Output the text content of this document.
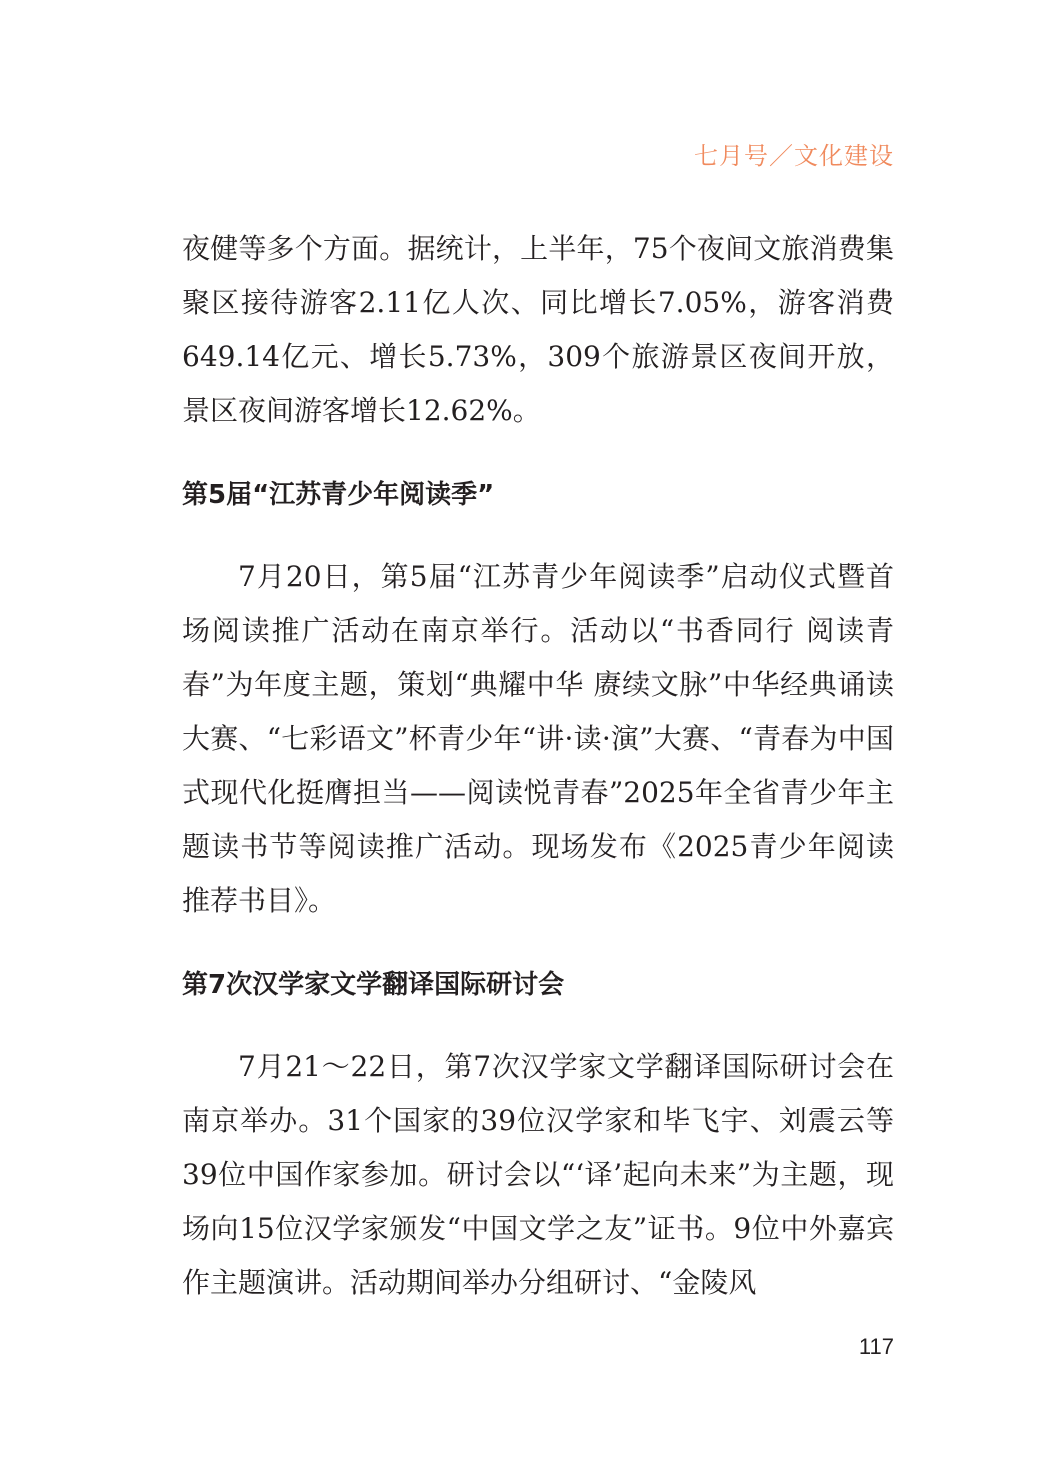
七月号／文化建设

夜健等多个方面。据统计，上半年，75个夜间文旅消费集聚区接待游客2.11亿人次、同比增长7.05%，游客消费649.14亿元、增长5.73%，309个旅游景区夜间开放，景区夜间游客增长12.62%。

第5届“江苏青少年阅读季”

7月20日，第5届“江苏青少年阅读季”启动仪式暨首场阅读推广活动在南京举行。活动以“书香同行 阅读青春”为年度主题，策划“典耀中华 赓续文脉”中华经典诵读大赛、“七彩语文”杯青少年“讲·读·演”大赛、“青春为中国式现代化挺膺担当——阅读悦青春”2025年全省青少年主题读书节等阅读推广活动。现场发布《2025青少年阅读推荐书目》。

第7次汉学家文学翻译国际研讨会

7月21～22日，第7次汉学家文学翻译国际研讨会在南京举办。31个国家的39位汉学家和毕飞宇、刘震云等39位中国作家参加。研讨会以“‘译’起向未来”为主题，现场向15位汉学家颁发“中国文学之友”证书。9位中外嘉宾作主题演讲。活动期间举办分组研讨、“金陵风

117
